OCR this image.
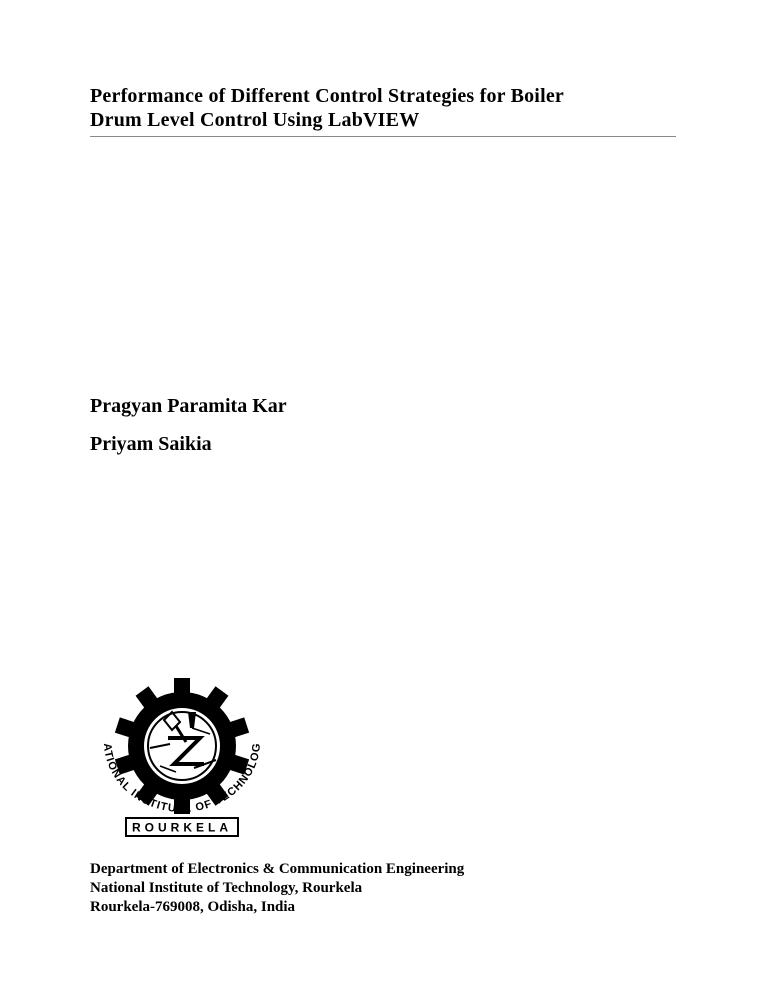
Performance of Different Control Strategies for Boiler
Drum Level Control Using LabVIEW
Pragyan Paramita Kar
Priyam Saikia
ATIONAL INSTITUTE OF TECHNOLOG
ROURKELA
Department of Electronics & Communication Engineering
National Institute of Technology, Rourkela
Rourkela-769008, Odisha, India
